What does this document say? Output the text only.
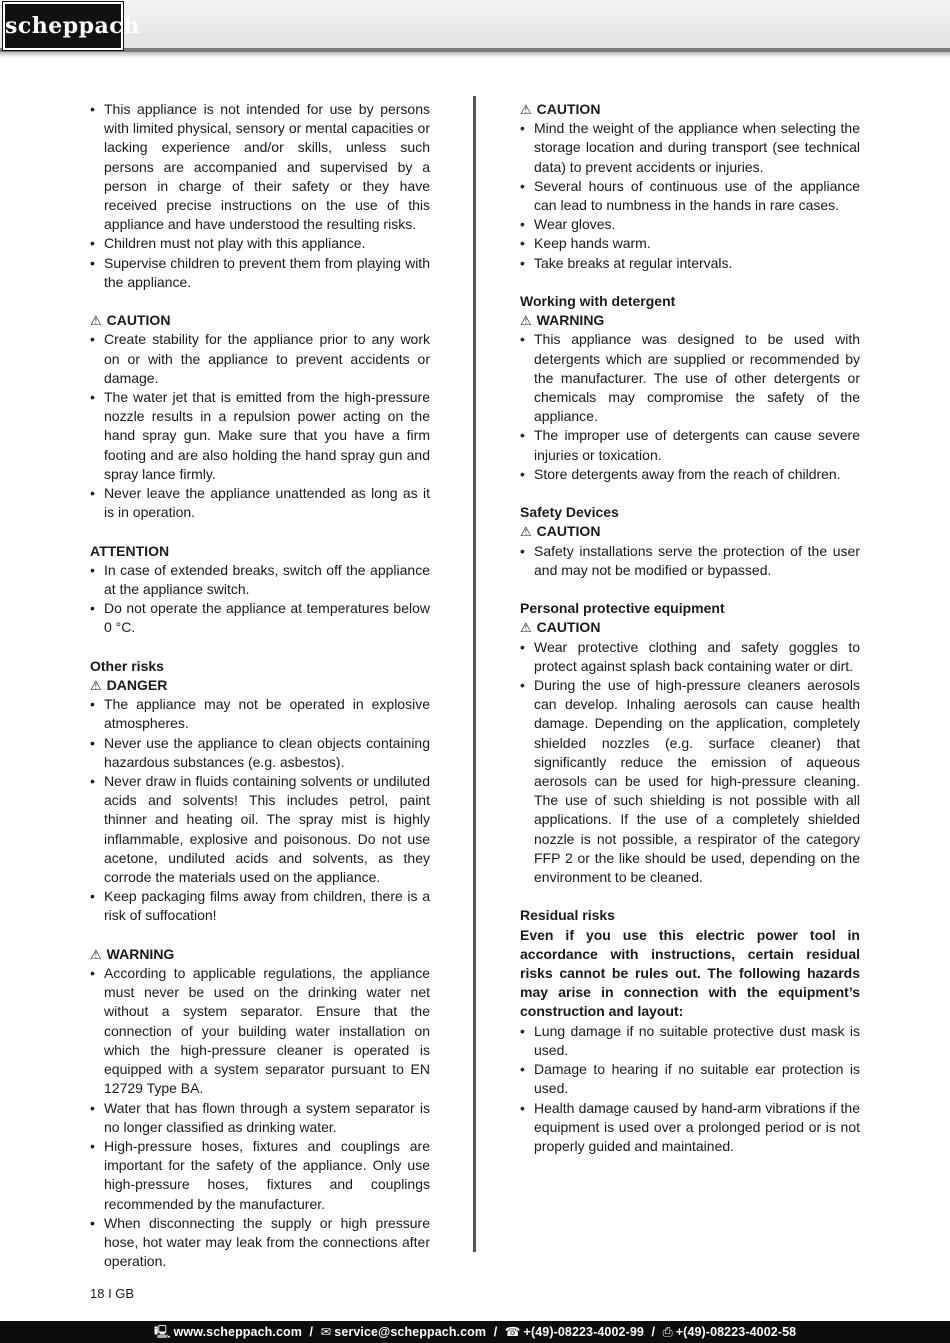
scheppach
• This appliance is not intended for use by persons with limited physical, sensory or mental capacities or lacking experience and/or skills, unless such persons are accompanied and supervised by a person in charge of their safety or they have received precise instructions on the use of this appliance and have understood the resulting risks.
• Children must not play with this appliance.
• Supervise children to prevent them from playing with the appliance.
⚠ CAUTION
• Create stability for the appliance prior to any work on or with the appliance to prevent accidents or damage.
• The water jet that is emitted from the high-pressure nozzle results in a repulsion power acting on the hand spray gun. Make sure that you have a firm footing and are also holding the hand spray gun and spray lance firmly.
• Never leave the appliance unattended as long as it is in operation.
ATTENTION
• In case of extended breaks, switch off the appliance at the appliance switch.
• Do not operate the appliance at temperatures below 0 °C.
Other risks
⚠ DANGER
• The appliance may not be operated in explosive atmospheres.
• Never use the appliance to clean objects containing hazardous substances (e.g. asbestos).
• Never draw in fluids containing solvents or undiluted acids and solvents! This includes petrol, paint thinner and heating oil. The spray mist is highly inflammable, explosive and poisonous. Do not use acetone, undiluted acids and solvents, as they corrode the materials used on the appliance.
• Keep packaging films away from children, there is a risk of suffocation!
⚠ WARNING
• According to applicable regulations, the appliance must never be used on the drinking water net without a system separator. Ensure that the connection of your building water installation on which the high-pressure cleaner is operated is equipped with a system separator pursuant to EN 12729 Type BA.
• Water that has flown through a system separator is no longer classified as drinking water.
• High-pressure hoses, fixtures and couplings are important for the safety of the appliance. Only use high-pressure hoses, fixtures and couplings recommended by the manufacturer.
• When disconnecting the supply or high pressure hose, hot water may leak from the connections after operation.
⚠ CAUTION
• Mind the weight of the appliance when selecting the storage location and during transport (see technical data) to prevent accidents or injuries.
• Several hours of continuous use of the appliance can lead to numbness in the hands in rare cases.
• Wear gloves.
• Keep hands warm.
• Take breaks at regular intervals.
Working with detergent
⚠ WARNING
• This appliance was designed to be used with detergents which are supplied or recommended by the manufacturer. The use of other detergents or chemicals may compromise the safety of the appliance.
• The improper use of detergents can cause severe injuries or toxication.
• Store detergents away from the reach of children.
Safety Devices
⚠ CAUTION
• Safety installations serve the protection of the user and may not be modified or bypassed.
Personal protective equipment
⚠ CAUTION
• Wear protective clothing and safety goggles to protect against splash back containing water or dirt.
• During the use of high-pressure cleaners aerosols can develop. Inhaling aerosols can cause health damage. Depending on the application, completely shielded nozzles (e.g. surface cleaner) that significantly reduce the emission of aqueous aerosols can be used for high-pressure cleaning. The use of such shielding is not possible with all applications. If the use of a completely shielded nozzle is not possible, a respirator of the category FFP 2 or the like should be used, depending on the environment to be cleaned.
Residual risks
Even if you use this electric power tool in accordance with instructions, certain residual risks cannot be rules out. The following hazards may arise in connection with the equipment’s construction and layout:
• Lung damage if no suitable protective dust mask is used.
• Damage to hearing if no suitable ear protection is used.
• Health damage caused by hand-arm vibrations if the equipment is used over a prolonged period or is not properly guided and maintained.
18 I GB
🖳 www.scheppach.com / ✉ service@scheppach.com / ☎ +(49)-08223-4002-99 / ⎙ +(49)-08223-4002-58
